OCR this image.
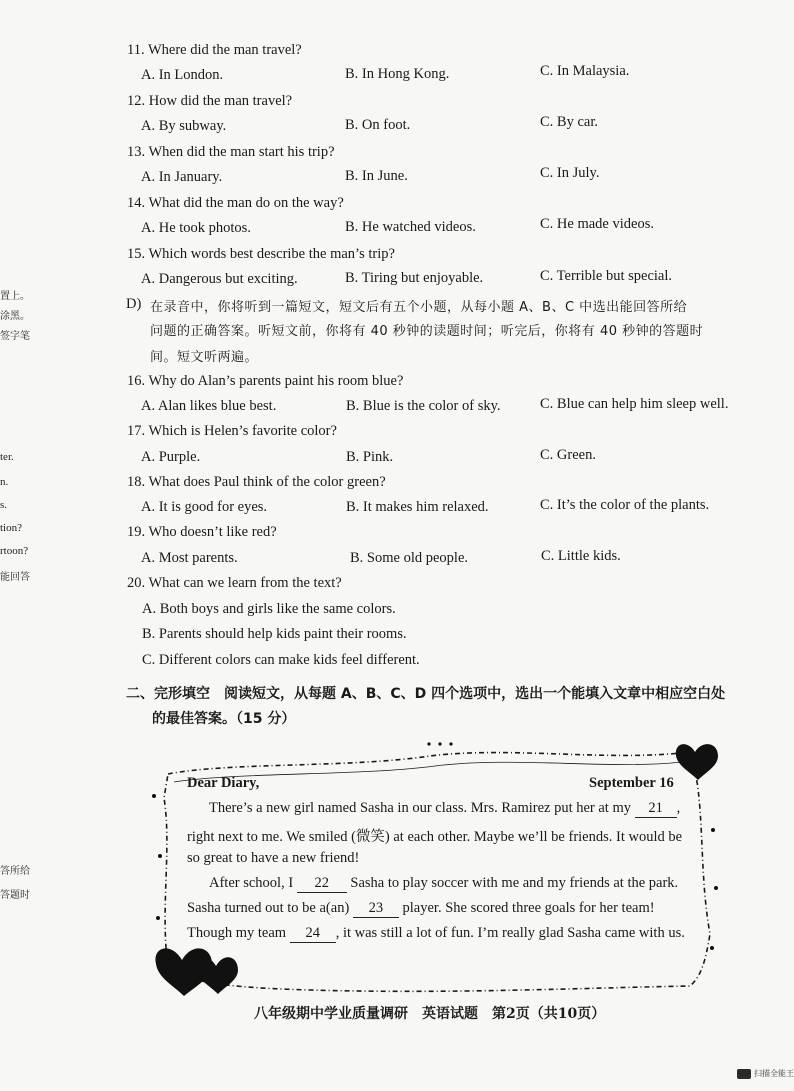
置上。
涂黑。
签字笔
ter.
n.
s.
tion?
rtoon?
能回答
答所给
答题时
11. Where did the man travel?
A. In London.	B. In Hong Kong.	C. In Malaysia.
12. How did the man travel?
A. By subway.	B. On foot.	C. By car.
13. When did the man start his trip?
A. In January.	B. In June.	C. In July.
14. What did the man do on the way?
A. He took photos.	B. He watched videos.	C. He made videos.
15. Which words best describe the man’s trip?
A. Dangerous but exciting.	B. Tiring but enjoyable.	C. Terrible but special.
D) 在录音中，你将听到一篇短文，短文后有五个小题，从每小题 A、B、C 中选出能回答所给
问题的正确答案。听短文前，你将有 40 秒钟的读题时间；听完后，你将有 40 秒钟的答题时
间。短文听两遍。
16. Why do Alan’s parents paint his room blue?
A. Alan likes blue best.	B. Blue is the color of sky.	C. Blue can help him sleep well.
17. Which is Helen’s favorite color?
A. Purple.	B. Pink.	C. Green.
18. What does Paul think of the color green?
A. It is good for eyes.	B. It makes him relaxed.	C. It’s the color of the plants.
19. Who doesn’t like red?
A. Most parents.	B. Some old people.	C. Little kids.
20. What can we learn from the text?
A. Both boys and girls like the same colors.
B. Parents should help kids paint their rooms.
C. Different colors can make kids feel different.
二、完形填空　阅读短文，从每题 A、B、C、D 四个选项中，选出一个能填入文章中相应空白处
的最佳答案。（15 分）
Dear Diary,	September 16
There’s a new girl named Sasha in our class. Mrs. Ramirez put her at my 21 ,
right next to me. We smiled (微笑) at each other. Maybe we’ll be friends. It would be
so great to have a new friend!
After school, I 22 Sasha to play soccer with me and my friends at the park.
Sasha turned out to be a(an) 23 player. She scored three goals for her team!
Though my team 24 , it was still a lot of fun. I’m really glad Sasha came with us.
八年级期中学业质量调研　英语试题　第2页（共10页）
扫描全能王
